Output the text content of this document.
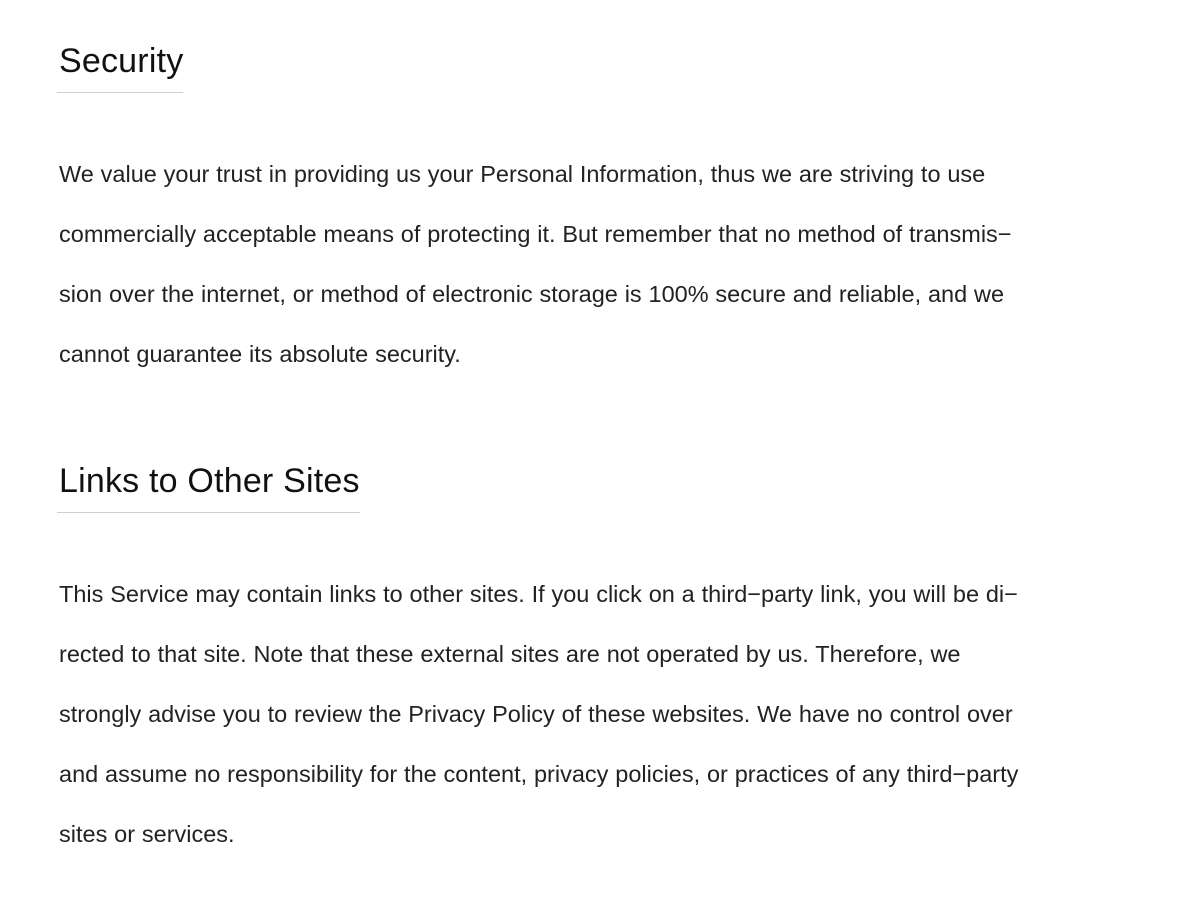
Security

We value your trust in providing us your Personal Information, thus we are striving to use
commercially acceptable means of protecting it. But remember that no method of transmis−
sion over the internet, or method of electronic storage is 100% secure and reliable, and we
cannot guarantee its absolute security.

Links to Other Sites

This Service may contain links to other sites. If you click on a third−party link, you will be di−
rected to that site. Note that these external sites are not operated by us. Therefore, we
strongly advise you to review the Privacy Policy of these websites. We have no control over
and assume no responsibility for the content, privacy policies, or practices of any third−party
sites or services.
